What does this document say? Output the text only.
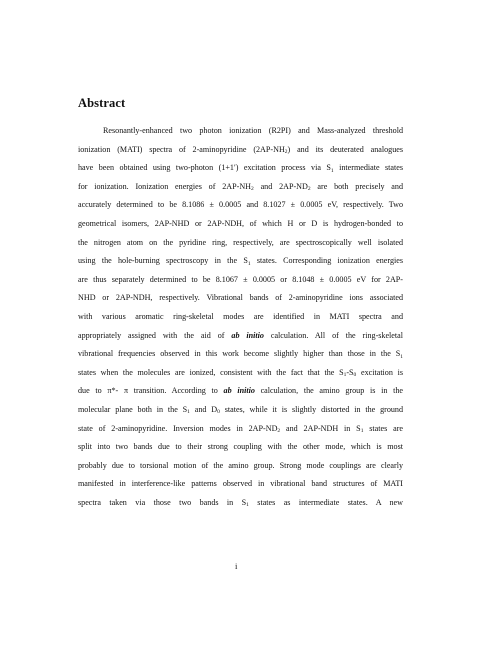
Abstract
Resonantly-enhanced two photon ionization (R2PI) and Mass-analyzed threshold
ionization (MATI) spectra of 2-aminopyridine $(2AP-NH_2)$ and its deuterated analogues
have been obtained using two-photon (1+1′) excitation process via $S_1$ intermediate states
for ionization. Ionization energies of $2AP-NH_2$ and $2AP-ND_2$ are both precisely and
accurately determined to be 8.1086 ± 0.0005 and 8.1027 ± 0.0005 eV, respectively. Two
geometrical isomers, 2AP-NHD or 2AP-NDH, of which H or D is hydrogen-bonded to
the nitrogen atom on the pyridine ring, respectively, are spectroscopically well isolated
using the hole-burning spectroscopy in the $S_1$ states. Corresponding ionization energies
are thus separately determined to be 8.1067 ± 0.0005 or 8.1048 ± 0.0005 eV for 2AP-
NHD or 2AP-NDH, respectively. Vibrational bands of 2-aminopyridine ions associated
with various aromatic ring-skeletal modes are identified in MATI spectra and
appropriately assigned with the aid of ab initio calculation. All of the ring-skeletal
vibrational frequencies observed in this work become slightly higher than those in the $S_1$
states when the molecules are ionized, consistent with the fact that the $S_1-S_0$ excitation is
due to π*- π transition. According to ab initio calculation, the amino group is in the
molecular plane both in the $S_1$ and $D_0$ states, while it is slightly distorted in the ground
state of 2-aminopyridine. Inversion modes in $2AP-ND_2$ and 2AP-NDH in $S_1$ states are
split into two bands due to their strong coupling with the other mode, which is most
probably due to torsional motion of the amino group. Strong mode couplings are clearly
manifested in interference-like patterns observed in vibrational band structures of MATI
spectra taken via those two bands in $S_1$ states as intermediate states. A new
i
